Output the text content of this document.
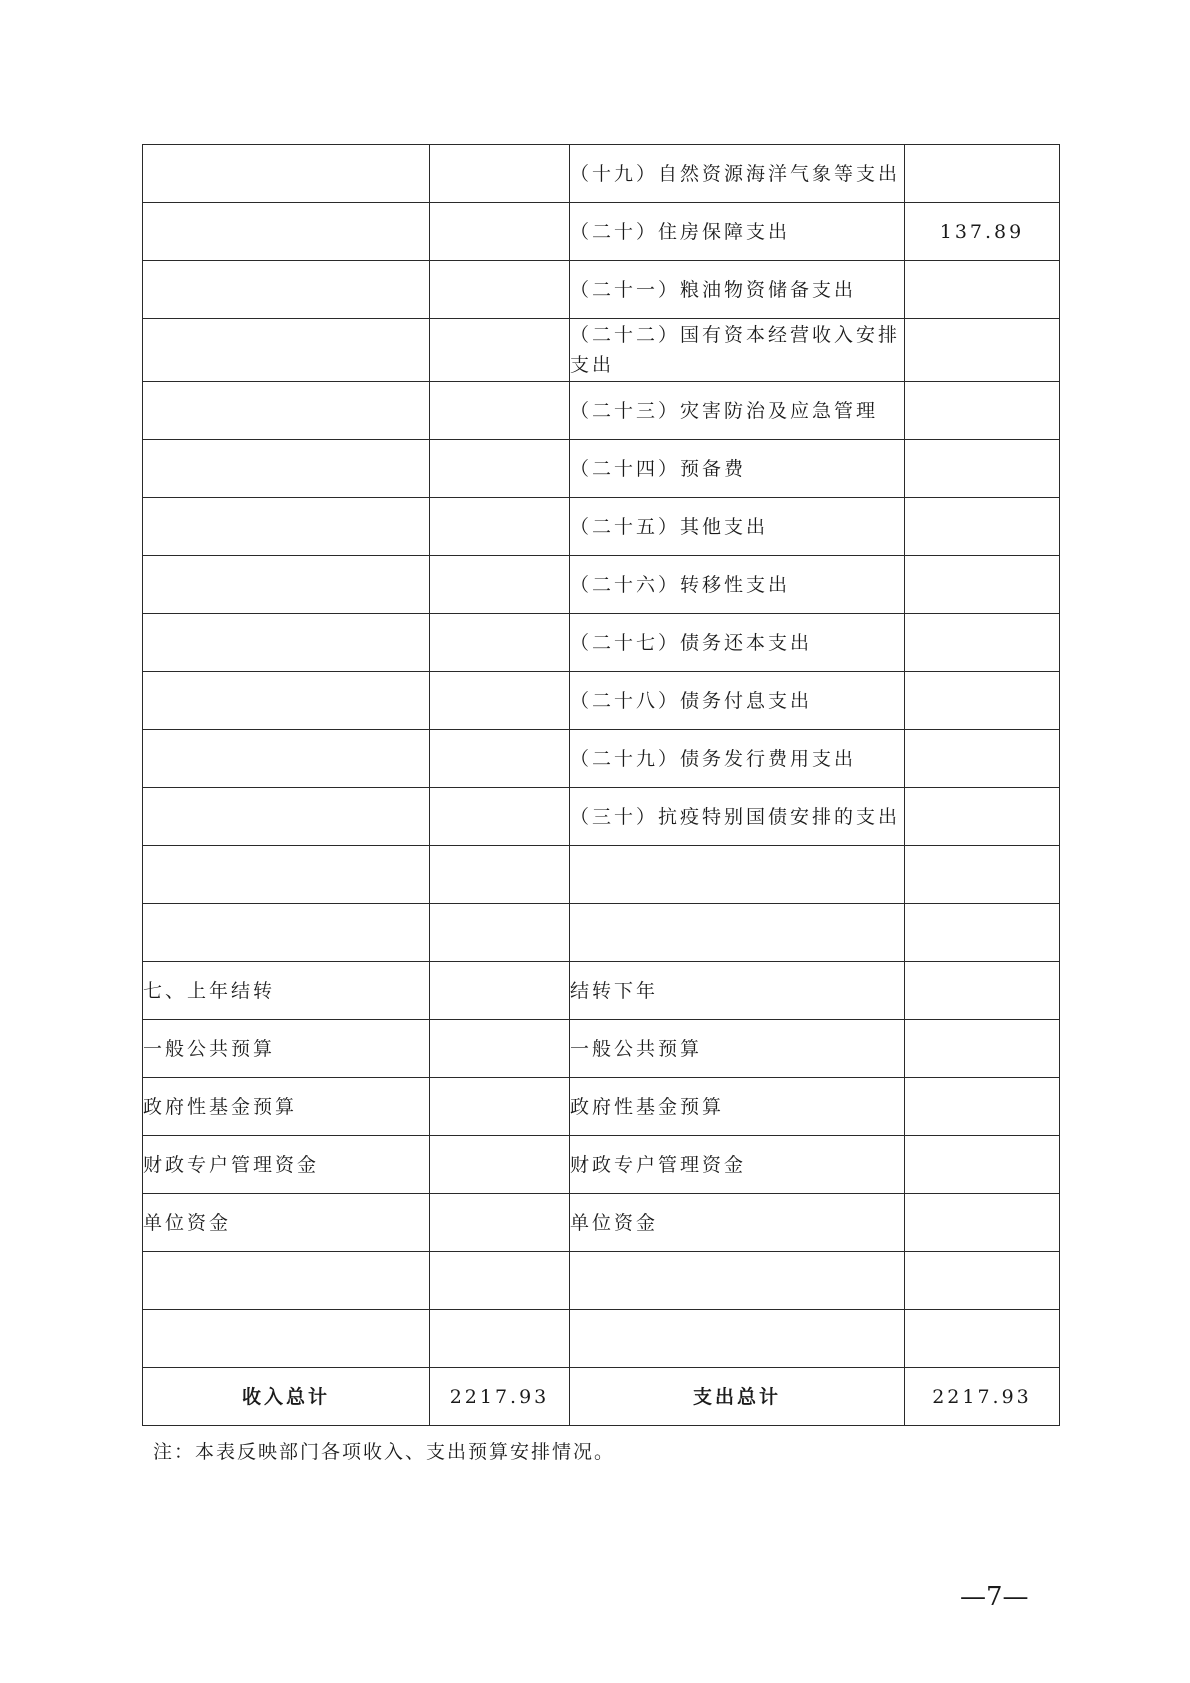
		（十九）自然资源海洋气象等支出	
		（二十）住房保障支出	137.89
		（二十一）粮油物资储备支出	
		（二十二）国有资本经营收入安排支出	
		（二十三）灾害防治及应急管理	
		（二十四）预备费	
		（二十五）其他支出	
		（二十六）转移性支出	
		（二十七）债务还本支出	
		（二十八）债务付息支出	
		（二十九）债务发行费用支出	
		（三十）抗疫特别国债安排的支出	

七、上年结转		结转下年	
一般公共预算		一般公共预算	
政府性基金预算		政府性基金预算	
财政专户管理资金		财政专户管理资金	
单位资金		单位资金	

收入总计	2217.93	支出总计	2217.93
注：本表反映部门各项收入、支出预算安排情况。
—7—
